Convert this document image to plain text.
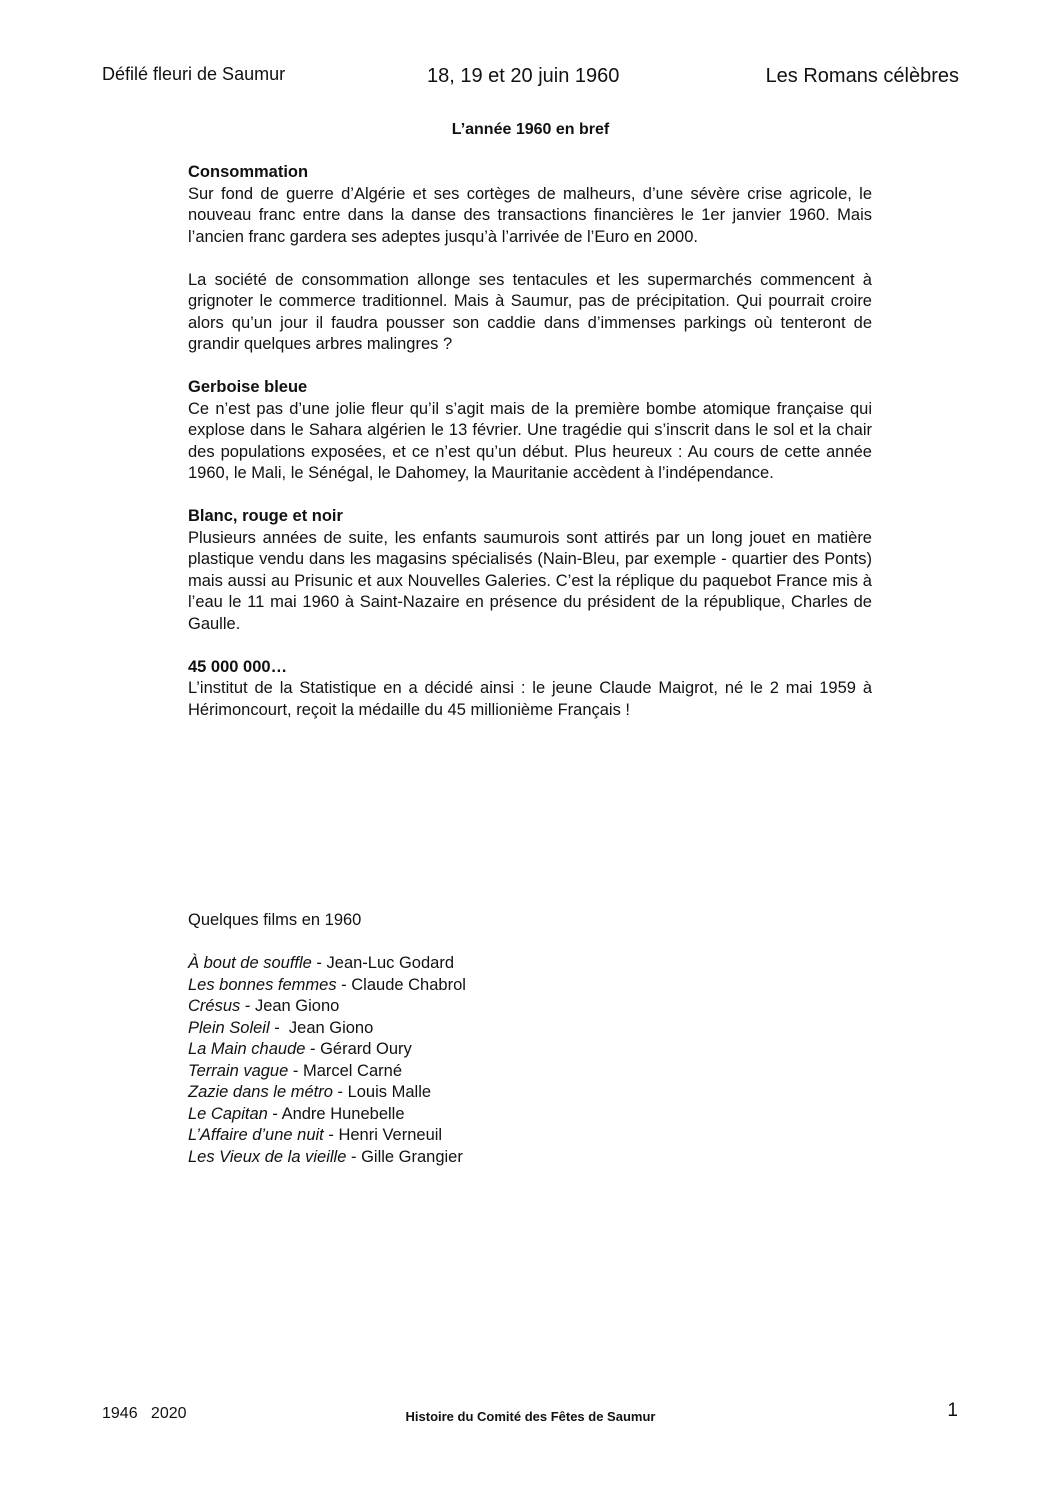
Défilé fleuri de Saumur	18, 19 et 20 juin 1960	Les Romans célèbres
L’année 1960 en bref
Consommation

Sur fond de guerre d’Algérie et ses cortèges de malheurs, d’une sévère crise agricole, le nouveau franc entre dans la danse des transactions financières le 1er janvier 1960. Mais l’ancien franc gardera ses adeptes jusqu’à l’arrivée de l’Euro en 2000.

La société de consommation allonge ses tentacules et les supermarchés commencent à grignoter le commerce traditionnel. Mais à Saumur, pas de précipitation. Qui pourrait croire alors qu’un jour il faudra pousser son caddie dans d’immenses parkings où tenteront de grandir quelques arbres malingres ?

Gerboise bleue

Ce n’est pas d’une jolie fleur qu’il s’agit mais de la première bombe atomique française qui explose dans le Sahara algérien le 13 février. Une tragédie qui s’inscrit dans le sol et la chair des populations exposées, et ce n’est qu’un début. Plus heureux : Au cours de cette année 1960, le Mali, le Sénégal, le Dahomey, la Mauritanie accèdent à l’indépendance.

Blanc, rouge et noir

Plusieurs années de suite, les enfants saumurois sont attirés par un long jouet en matière plastique vendu dans les magasins spécialisés (Nain-Bleu, par exemple - quartier des Ponts) mais aussi au Prisunic et aux Nouvelles Galeries. C’est la réplique du paquebot France mis à l’eau le 11 mai 1960 à Saint-Nazaire en présence du président de la république, Charles de Gaulle.

45 000 000…

L’institut de la Statistique en a décidé ainsi : le jeune Claude Maigrot, né le 2 mai 1959 à Hérimoncourt, reçoit la médaille du 45 millionième Français !

Quelques films en 1960

À bout de souffle - Jean-Luc Godard
Les bonnes femmes - Claude Chabrol
Crésus - Jean Giono
Plein Soleil -  Jean Giono
La Main chaude - Gérard Oury
Terrain vague - Marcel Carné
Zazie dans le métro - Louis Malle
Le Capitan - Andre Hunebelle
L’Affaire d’une nuit - Henri Verneuil
Les Vieux de la vieille - Gille Grangier
1946   2020	Histoire du Comité des Fêtes de Saumur	1
